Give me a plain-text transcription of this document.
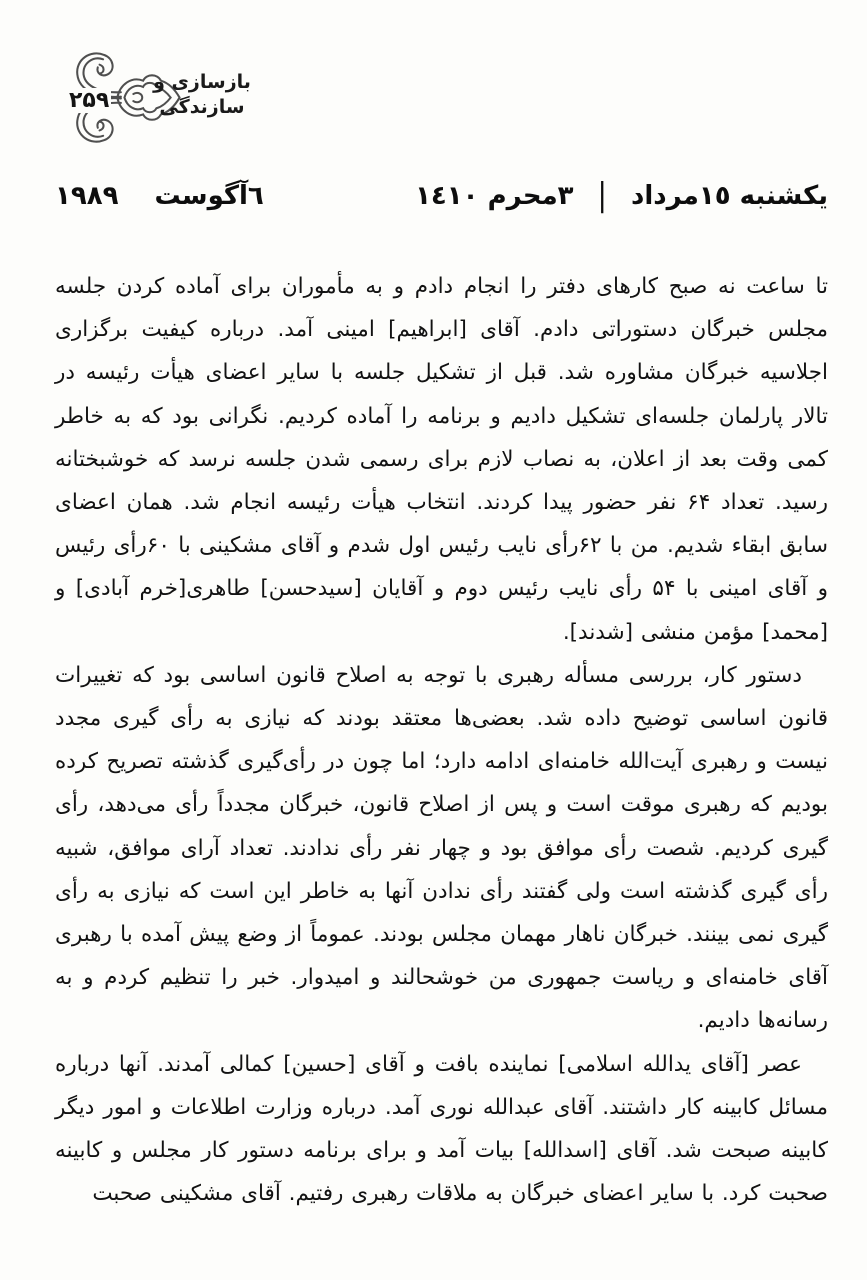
۲۵۹
بازسازی و
سازندگی
یکشنبه ١٥مرداد
|
٣محرم ١٤١٠
٦آگوست
١٩٨٩

تا ساعت نه صبح کارهای دفتر را انجام دادم و به مأموران برای آماده کردن جلسه مجلس خبرگان دستوراتی دادم. آقای [ابراهیم] امینی آمد. درباره کیفیت برگزاری اجلاسیه خبرگان مشاوره شد. قبل از تشکیل جلسه با سایر اعضای هیأت رئیسه در تالار پارلمان جلسه‌ای تشکیل دادیم و برنامه را آماده کردیم. نگرانی بود که به خاطر کمی وقت بعد از اعلان، به نصاب لازم برای رسمی شدن جلسه نرسد که خوشبختانه رسید. تعداد ۶۴ نفر حضور پیدا کردند. انتخاب هیأت رئیسه انجام شد. همان اعضای سابق ابقاء شدیم. من با ۶۲رأی نایب رئیس اول شدم و آقای مشکینی با ۶۰رأی رئیس و آقای امینی با ۵۴ رأی نایب رئیس دوم و آقایان [سیدحسن] طاهری[خرم آبادی] و [محمد] مؤمن منشی [شدند].

دستور کار، بررسی مسأله رهبری با توجه به اصلاح قانون اساسی بود که تغییرات قانون اساسی توضیح داده شد. بعضی‌ها معتقد بودند که نیازی به رأی گیری مجدد نیست و رهبری آیت‌الله خامنه‌ای ادامه دارد؛ اما چون در رأی‌گیری گذشته تصریح کرده بودیم که رهبری موقت است و پس از اصلاح قانون، خبرگان مجدداً رأی می‌دهد، رأی گیری کردیم. شصت رأی موافق بود و چهار نفر رأی ندادند. تعداد آرای موافق، شبیه رأی گیری گذشته است ولی گفتند رأی ندادن آنها به خاطر این است که نیازی به رأی گیری نمی بینند. خبرگان ناهار مهمان مجلس بودند. عموماً از وضع پیش آمده با رهبری آقای خامنه‌ای و ریاست جمهوری من خوشحالند و امیدوار. خبر را تنظیم کردم و به رسانه‌ها دادیم.

عصر [آقای یدالله اسلامی] نماینده بافت و آقای [حسین] کمالی آمدند. آنها درباره مسائل کابینه کار داشتند. آقای عبدالله نوری آمد. درباره وزارت اطلاعات و امور دیگر کابینه صبحت شد. آقای [اسدالله] بیات آمد و برای برنامه دستور کار مجلس و کابینه صحبت کرد. با سایر اعضای خبرگان به ملاقات رهبری رفتیم. آقای مشکینی صحبت
